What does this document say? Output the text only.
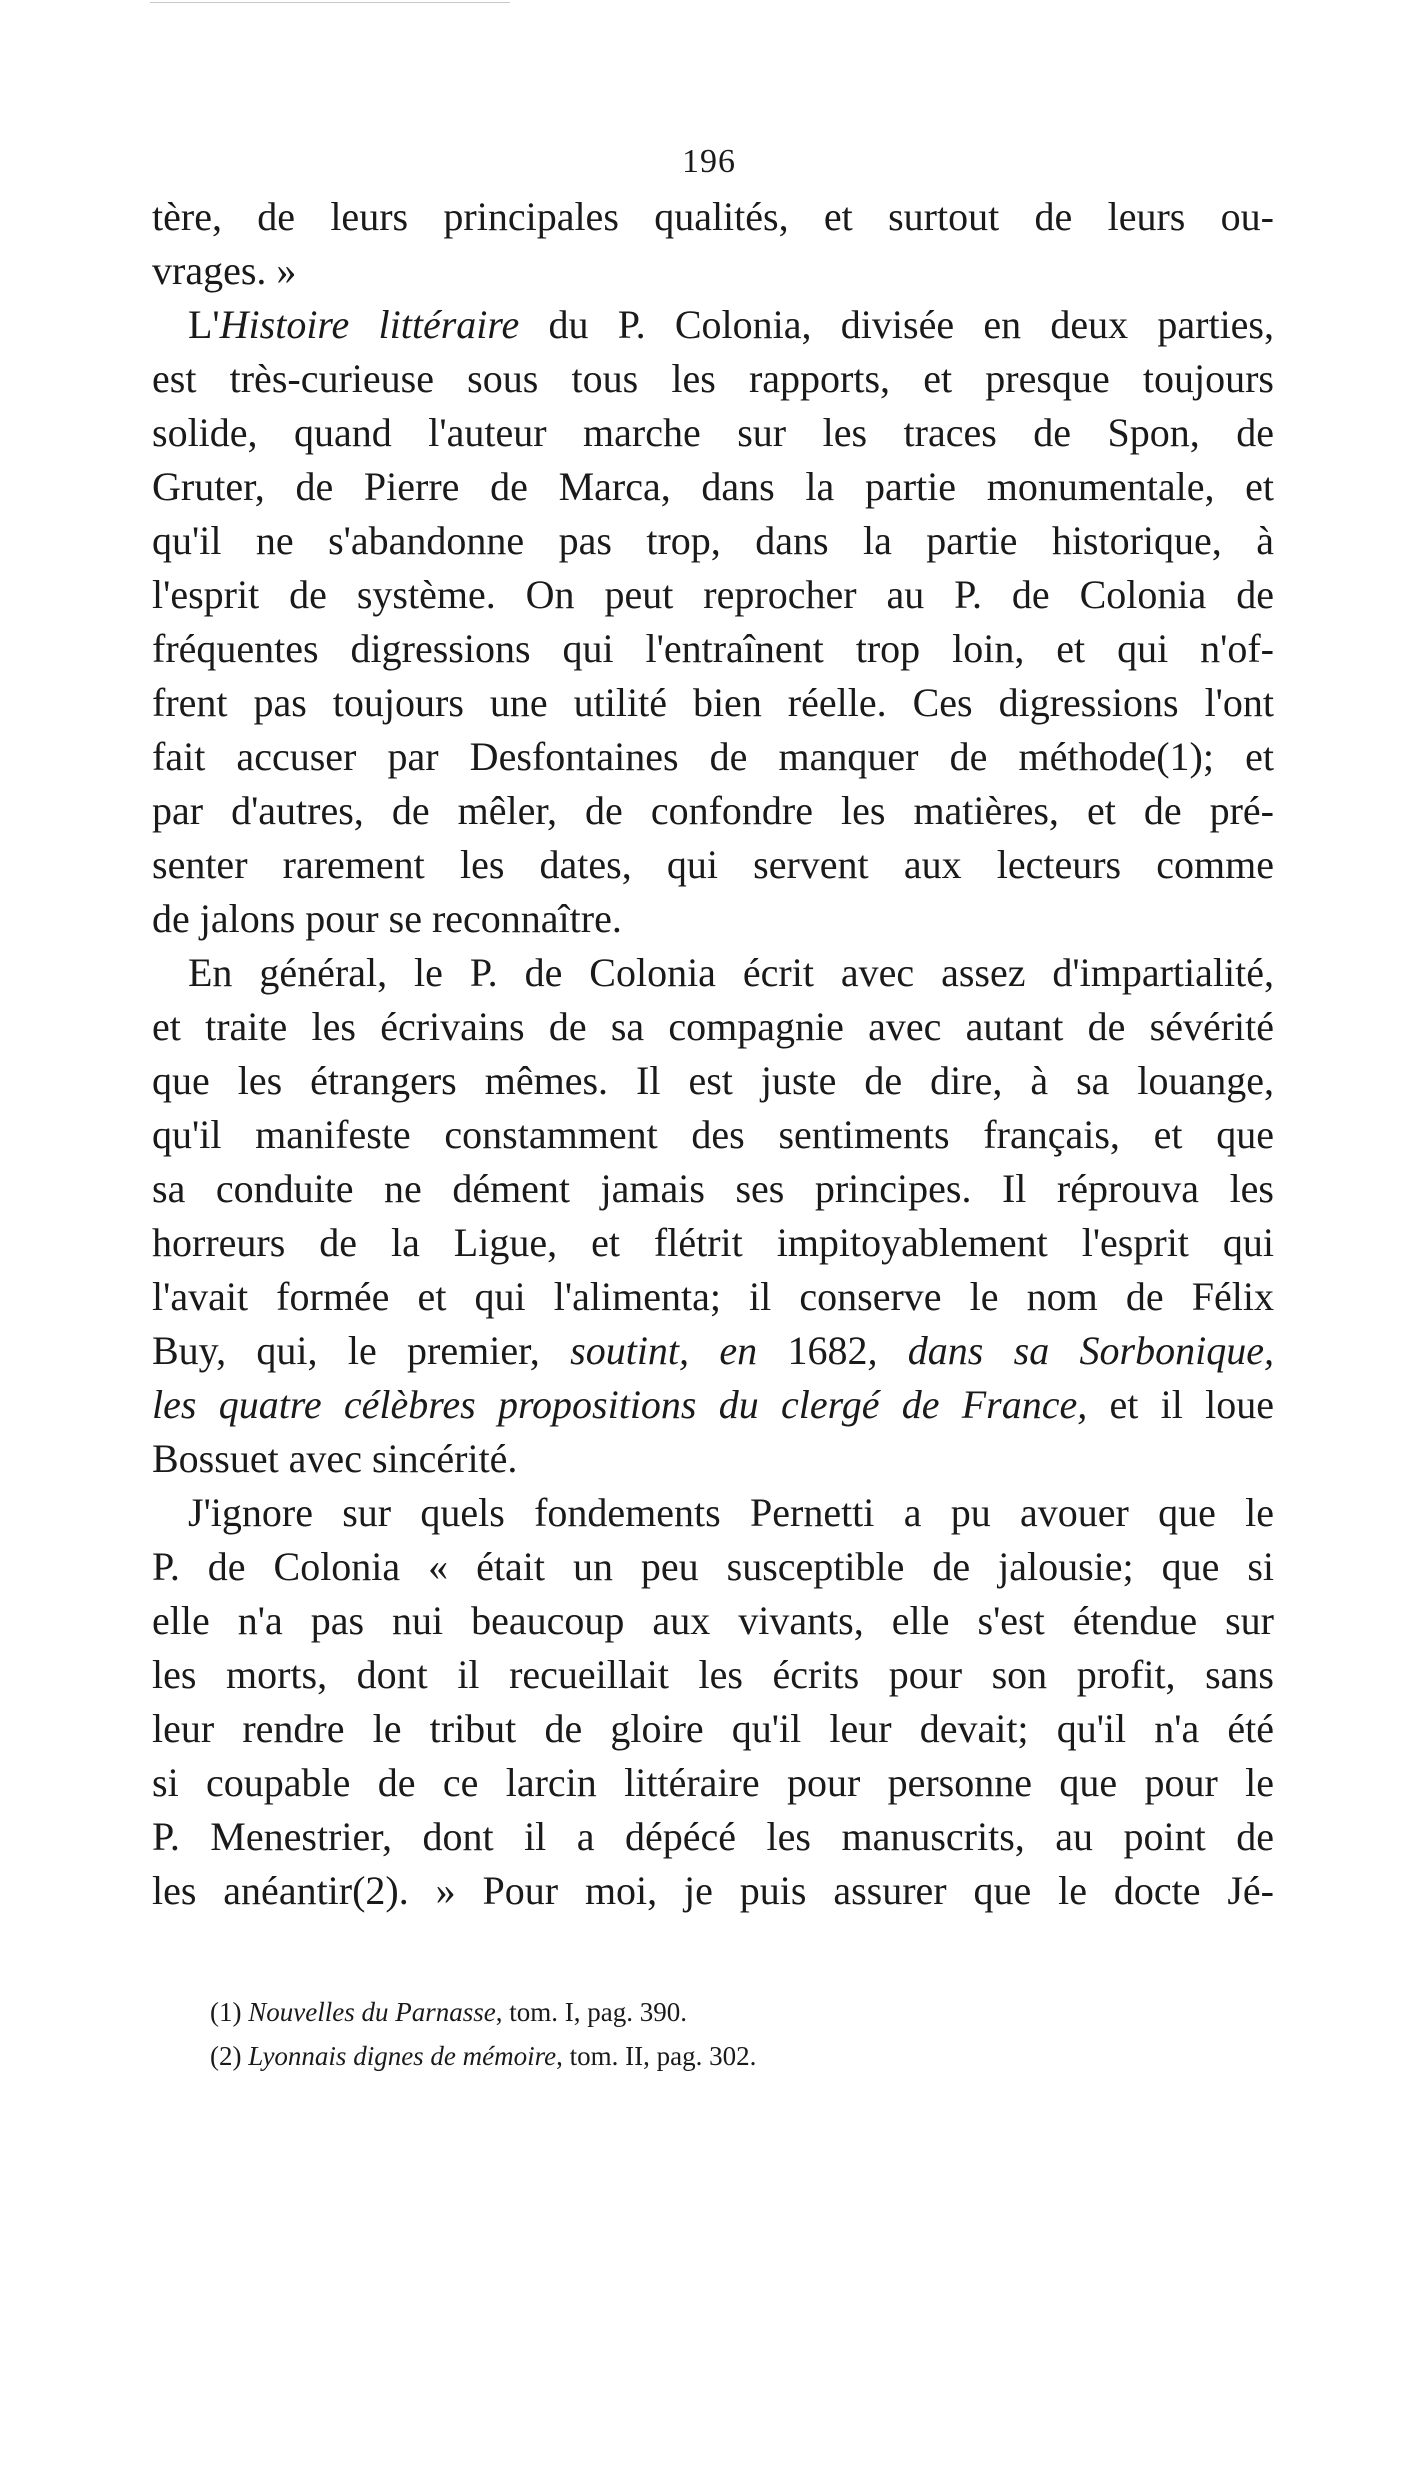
196
tère, de leurs principales qualités, et surtout de leurs ou-
vrages. »
L'Histoire littéraire du P. Colonia, divisée en deux parties,
est très-curieuse sous tous les rapports, et presque toujours
solide, quand l'auteur marche sur les traces de Spon, de
Gruter, de Pierre de Marca, dans la partie monumentale, et
qu'il ne s'abandonne pas trop, dans la partie historique, à
l'esprit de système. On peut reprocher au P. de Colonia de
fréquentes digressions qui l'entraînent trop loin, et qui n'of-
frent pas toujours une utilité bien réelle. Ces digressions l'ont
fait accuser par Desfontaines de manquer de méthode(1); et
par d'autres, de mêler, de confondre les matières, et de pré-
senter rarement les dates, qui servent aux lecteurs comme
de jalons pour se reconnaître.
En général, le P. de Colonia écrit avec assez d'impartialité,
et traite les écrivains de sa compagnie avec autant de sévérité
que les étrangers mêmes. Il est juste de dire, à sa louange,
qu'il manifeste constamment des sentiments français, et que
sa conduite ne dément jamais ses principes. Il réprouva les
horreurs de la Ligue, et flétrit impitoyablement l'esprit qui
l'avait formée et qui l'alimenta; il conserve le nom de Félix
Buy, qui, le premier, soutint, en 1682, dans sa Sorbonique,
les quatre célèbres propositions du clergé de France, et il loue
Bossuet avec sincérité.
J'ignore sur quels fondements Pernetti a pu avouer que le
P. de Colonia « était un peu susceptible de jalousie; que si
elle n'a pas nui beaucoup aux vivants, elle s'est étendue sur
les morts, dont il recueillait les écrits pour son profit, sans
leur rendre le tribut de gloire qu'il leur devait; qu'il n'a été
si coupable de ce larcin littéraire pour personne que pour le
P. Menestrier, dont il a dépécé les manuscrits, au point de
les anéantir(2). » Pour moi, je puis assurer que le docte Jé-
(1) Nouvelles du Parnasse, tom. I, pag. 390.
(2) Lyonnais dignes de mémoire, tom. II, pag. 302.
